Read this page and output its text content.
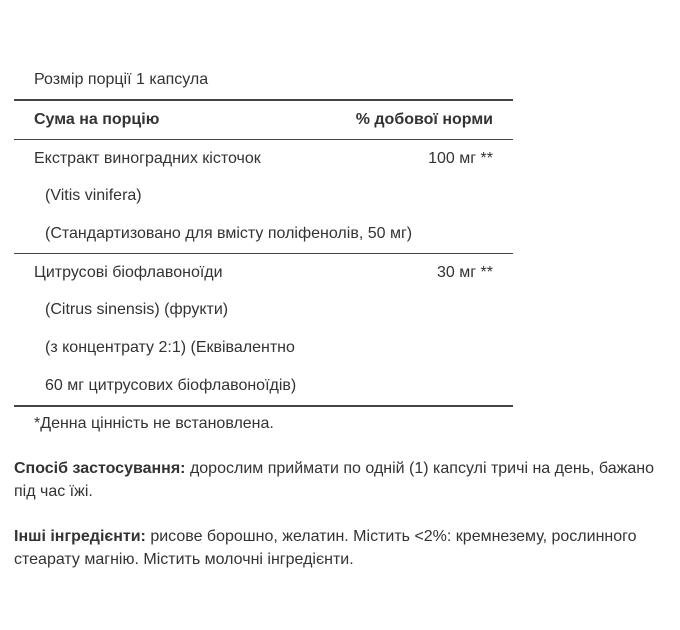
Розмір порції 1 капсула
Сума на порцію	% добової норми
Екстракт виноградних кісточок	100 мг **
(Vitis vinifera)
(Стандартизовано для вмісту поліфенолів, 50 мг)
Цитрусові біофлавоноїди	30 мг **
(Citrus sinensis) (фрукти)
(з концентрату 2:1) (Еквівалентно
60 мг цитрусових біофлавоноїдів)
*Денна цінність не встановлена.
Спосіб застосування: дорослим приймати по одній (1) капсулі тричі на день, бажано під час їжі.
Інші інгредієнти: рисове борошно, желатин. Містить <2%: кремнезему, рослинного стеарату магнію. Містить молочні інгредієнти.
